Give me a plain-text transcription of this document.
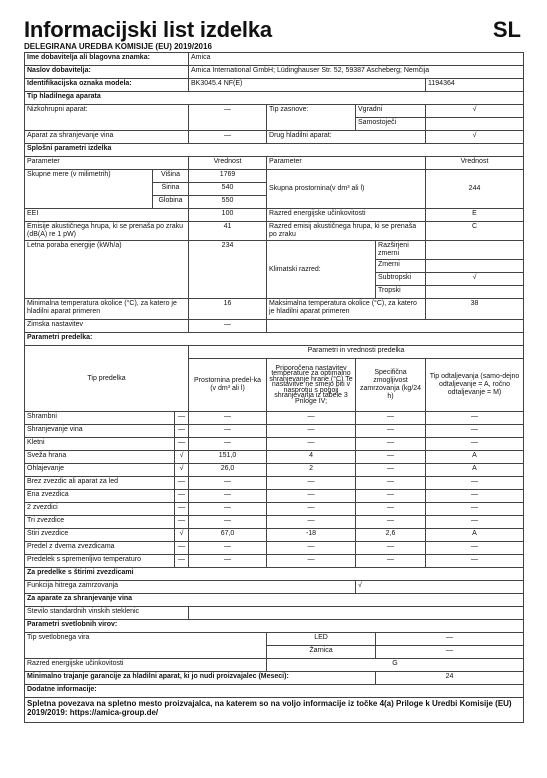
Informacijski list izdelka	SL
DELEGIRANA UREDBA KOMISIJE (EU) 2019/2016
Ime dobavitelja ali blagovna znamka:			Amica				
Naslov dobavitelja:			Amica International GmbH; Lüdinghauser Str. 52, 59387 Ascheberg; Nemčija				
Identifikacijska oznaka modela:			BK3045.4 NF(E)				1194364
Tip hladilnega aparata							
Nizkohrupni aparat:			—	Tip zasnove:	Vgradni		√
					Samostoječi		
Aparat za shranjevanje vina			—	Drug hladilni aparat:			√
Splošni parametri izdelka							
Parameter			Vrednost	Parameter			Vrednost
Skupne mere (v milimetrih)	Višina		1769	Skupna prostornina(v dm³ ali l)			244
	Širina		540				
	Globina		550				
EEI			100	Razred energijske učinkovitosti			E
Emisije akustičnega hrupa, ki se prenaša po zraku (dB(A) re 1 pW)			41	Razred emisij akustičnega hrupa, ki se prenaša po zraku			C
Letna poraba energije (kWh/a)			234	Klimatski razred:		Razširjeni zmerni	
						Zmerni	
						Subtropski	√
						Tropski	
Minimalna temperatura okolice (°C), za katero je hladilni aparat primeren			16	Maksimalna temperatura okolice (°C), za katero je hladilni aparat primeren			38
Zimska nastavitev			—				
Parametri predelka:							
Tip predelka			Parametri in vrednosti predelka				
			Prostornina predel-ka (v dm³ ali l)	Priporočena nastavitev temperature za optimalno shranjevanje hrane (°C) Te nastavitve ne smejo biti v nasprotju s pogoji shranjevanja iz tabele 3 Priloge IV;	Specifična zmogljivost zamrzovanja (kg/24 h)		Tip odtaljevanja (samo-dejno odtaljevanje = A, ročno odtaljevanje = M)
Shrambni		—	—	—	—		—
Shranjevanje vina		—	—	—	—		—
Kletni		—	—	—	—		—
Sveža hrana		√	151,0	4	—		A
Ohlajevanje		√	26,0	2	—		A
Brez zvezdic ali aparat za led		—	—	—	—		—
Ena zvezdica		—	—	—	—		—
2 zvezdici		—	—	—	—		—
Tri zvezdice		—	—	—	—		—
Štiri zvezdice		√	67,0	-18	2,6		A
Predel z dvema zvezdicama		—	—	—	—		—
Predelek s spremenljivo temperaturo		—	—	—	—		—
Za predelke s štirimi zvezdicami							
Funkcija hitrega zamrzovanja					√		
Za aparate za shranjevanje vina							
Število standardnih vinskih steklenic							
Parametri svetlobnih virov:							
Tip svetlobnega vira				LED		—	
				Žarnica		—	
Razred energijske učinkovitosti				G			
Minimalno trajanje garancije za hladilni aparat, ki jo nudi proizvajalec (Meseci):						24	
Dodatne informacije:							
Spletna povezava na spletno mesto proizvajalca, na katerem so na voljo informacije iz točke 4(a) Priloge k Uredbi Komisije (EU) 2019/2019: https://amica-group.de/							
